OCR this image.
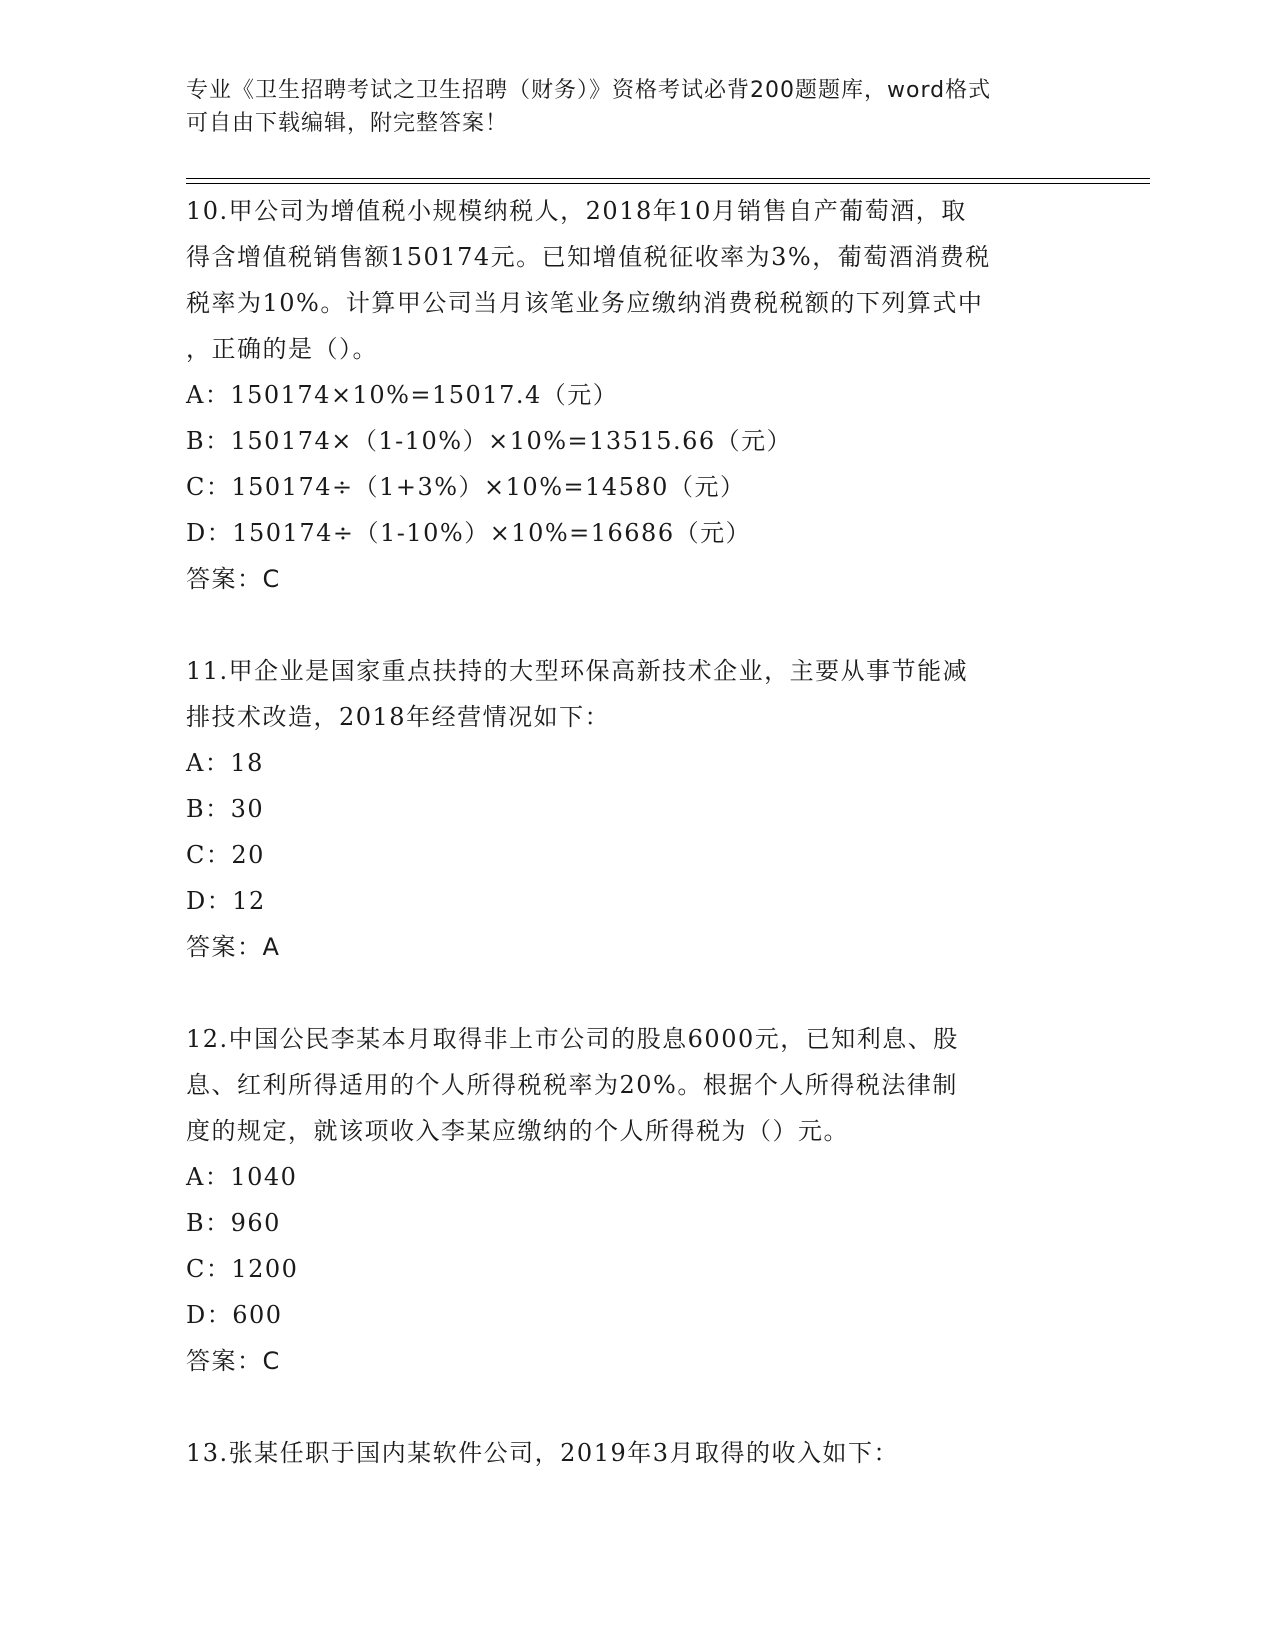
专业《卫生招聘考试之卫生招聘（财务）》资格考试必背200题题库，word格式
可自由下载编辑，附完整答案！

10.甲公司为增值税小规模纳税人，2018年10月销售自产葡萄酒，取

得含增值税销售额150174元。已知增值税征收率为3%，葡萄酒消费税

税率为10%。计算甲公司当月该笔业务应缴纳消费税税额的下列算式中

，正确的是（）。

A：150174×10%=15017.4（元）

B：150174×（1-10%）×10%=13515.66（元）

C：150174÷（1+3%）×10%=14580（元）

D：150174÷（1-10%）×10%=16686（元）

答案：C

11.甲企业是国家重点扶持的大型环保高新技术企业，主要从事节能减

排技术改造，2018年经营情况如下：

A：18

B：30

C：20

D：12

答案：A

12.中国公民李某本月取得非上市公司的股息6000元，已知利息、股

息、红利所得适用的个人所得税税率为20%。根据个人所得税法律制

度的规定，就该项收入李某应缴纳的个人所得税为（）元。

A：1040

B：960

C：1200

D：600

答案：C

13.张某任职于国内某软件公司，2019年3月取得的收入如下：
